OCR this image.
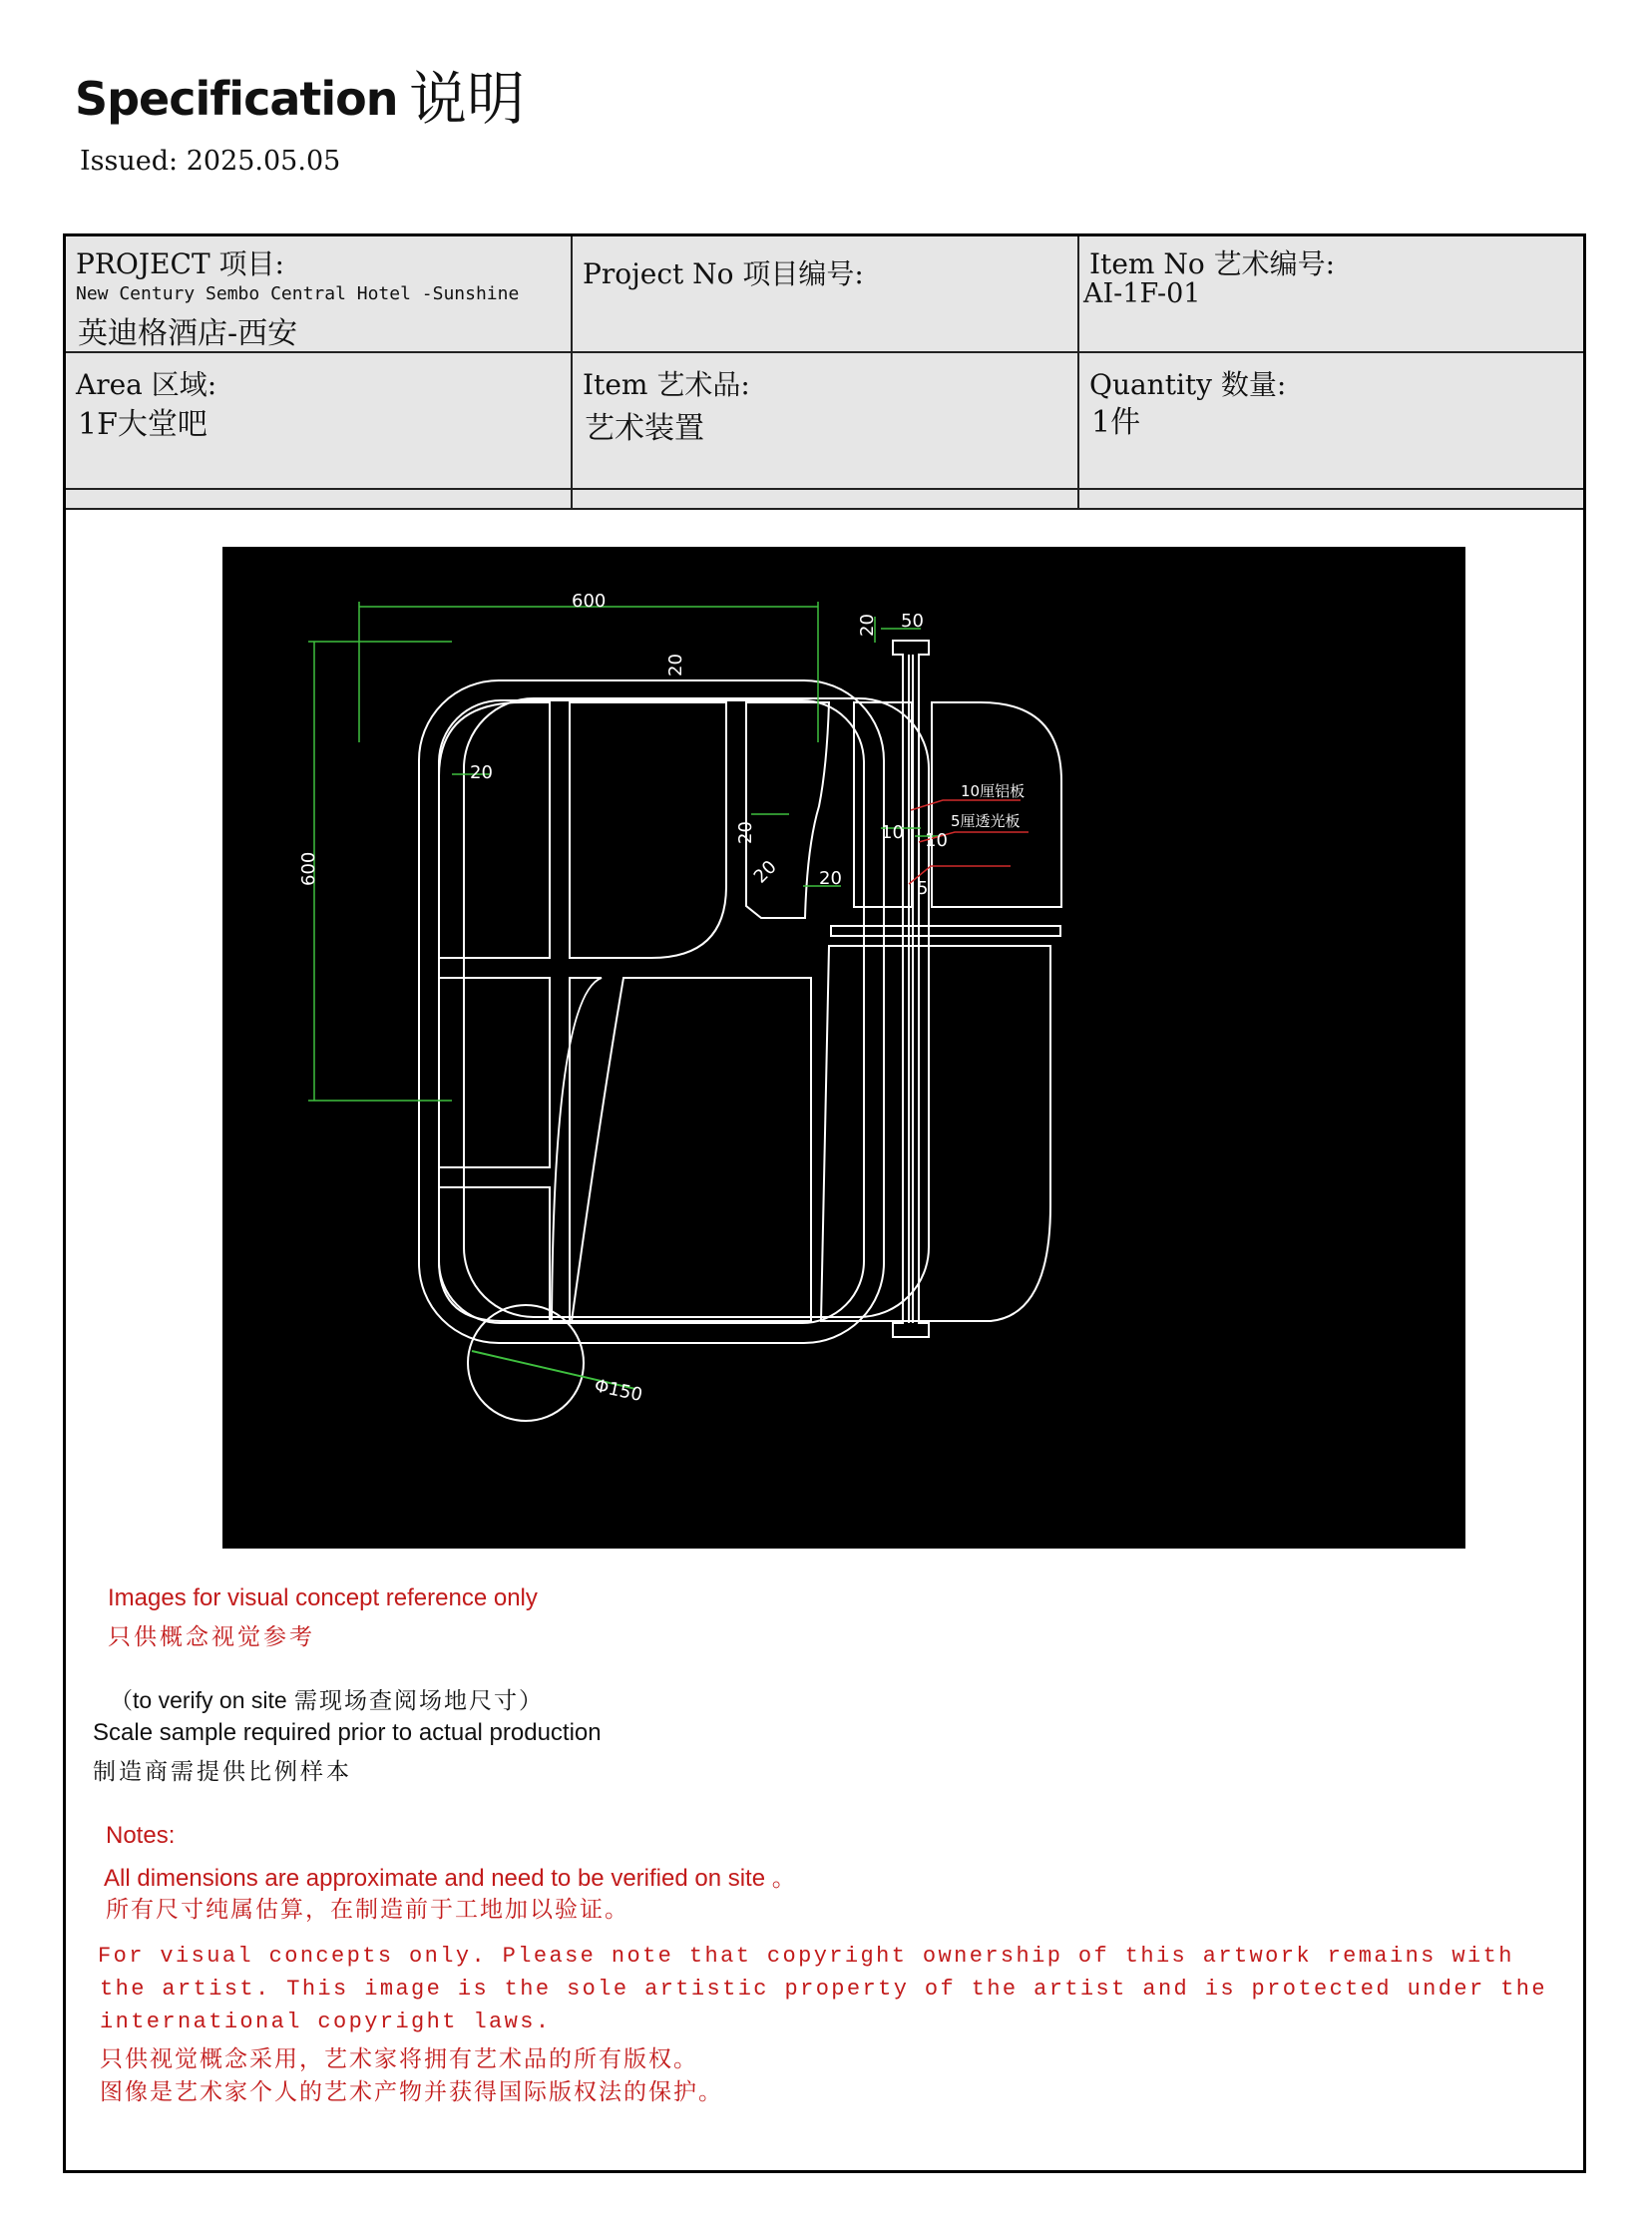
Specification 说明
Issued: 2025.05.05
PROJECT 项目:
New Century Sembo Central Hotel -Sunshine
英迪格酒店-西安
Project No 项目编号:	Item No 艺术编号:
AI-1F-01
Area 区域:
1F大堂吧
Item 艺术品:
艺术装置
Quantity 数量:
1件
600
600
20
20
20
20 20
Φ150
20 50
10 10
5
10厘铝板
5厘透光板
Images for visual concept reference only
只供概念视觉参考
（to verify on site 需现场查阅场地尺寸）
Scale sample required prior to actual production
制造商需提供比例样本
Notes:
All dimensions are approximate and need to be verified on site 。
所有尺寸纯属估算，在制造前于工地加以验证。
For visual concepts only. Please note that copyright ownership of this artwork remains with
the artist. This image is the sole artistic property of the artist and is protected under the
international copyright laws.
只供视觉概念采用，艺术家将拥有艺术品的所有版权。
图像是艺术家个人的艺术产物并获得国际版权法的保护。
